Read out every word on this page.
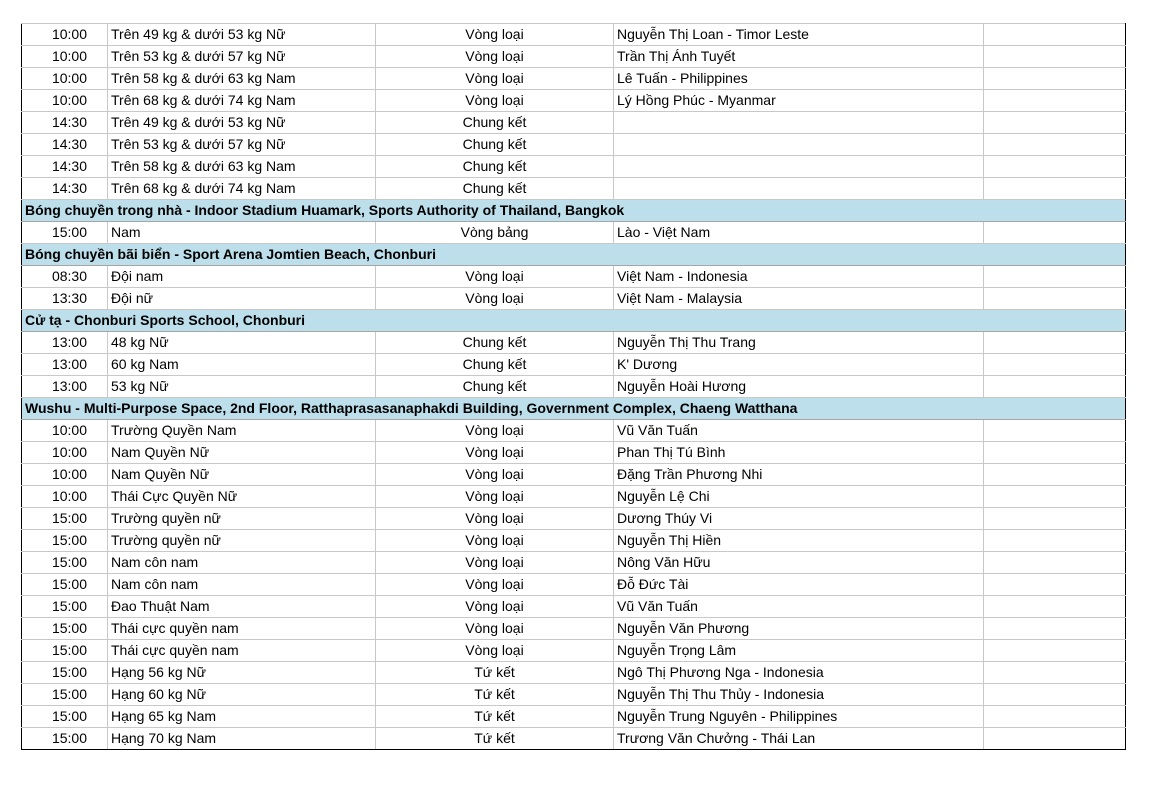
10:00	Trên 49 kg & dưới 53 kg Nữ	Vòng loại	Nguyễn Thị Loan - Timor Leste	
10:00	Trên 53 kg & dưới 57 kg Nữ	Vòng loại	Trần Thị Ánh Tuyết	
10:00	Trên 58 kg & dưới 63 kg Nam	Vòng loại	Lê Tuấn - Philippines	
10:00	Trên 68 kg & dưới 74 kg Nam	Vòng loại	Lý Hồng Phúc - Myanmar	
14:30	Trên 49 kg & dưới 53 kg Nữ	Chung kết		
14:30	Trên 53 kg & dưới 57 kg Nữ	Chung kết		
14:30	Trên 58 kg & dưới 63 kg Nam	Chung kết		
14:30	Trên 68 kg & dưới 74 kg Nam	Chung kết		
Bóng chuyền trong nhà - Indoor Stadium Huamark, Sports Authority of Thailand, Bangkok				
15:00	Nam	Vòng bảng	Lào - Việt Nam	
Bóng chuyền bãi biển - Sport Arena Jomtien Beach, Chonburi				
08:30	Đội nam	Vòng loại	Việt Nam - Indonesia	
13:30	Đội nữ	Vòng loại	Việt Nam - Malaysia	
Cử tạ - Chonburi Sports School, Chonburi				
13:00	48 kg Nữ	Chung kết	Nguyễn Thị Thu Trang	
13:00	60 kg Nam	Chung kết	K' Dương	
13:00	53 kg Nữ	Chung kết	Nguyễn Hoài Hương	
Wushu - Multi-Purpose Space, 2nd Floor, Ratthaprasasanaphakdi Building, Government Complex, Chaeng Watthana				
10:00	Trường Quyền Nam	Vòng loại	Vũ Văn Tuấn	
10:00	Nam Quyền Nữ	Vòng loại	Phan Thị Tú Bình	
10:00	Nam Quyền Nữ	Vòng loại	Đặng Trần Phương Nhi	
10:00	Thái Cực Quyền Nữ	Vòng loại	Nguyễn Lệ Chi	
15:00	Trường quyền nữ	Vòng loại	Dương Thúy Vi	
15:00	Trường quyền nữ	Vòng loại	Nguyễn Thị Hiền	
15:00	Nam côn nam	Vòng loại	Nông Văn Hữu	
15:00	Nam côn nam	Vòng loại	Đỗ Đức Tài	
15:00	Đao Thuật Nam	Vòng loại	Vũ Văn Tuấn	
15:00	Thái cực quyền nam	Vòng loại	Nguyễn Văn Phương	
15:00	Thái cực quyền nam	Vòng loại	Nguyễn Trọng Lâm	
15:00	Hạng 56 kg Nữ	Tứ kết	Ngô Thị Phương Nga - Indonesia	
15:00	Hạng 60 kg Nữ	Tứ kết	Nguyễn Thị Thu Thủy - Indonesia	
15:00	Hạng 65 kg Nam	Tứ kết	Nguyễn Trung Nguyên - Philippines	
15:00	Hạng 70 kg Nam	Tứ kết	Trương Văn Chưởng - Thái Lan	
